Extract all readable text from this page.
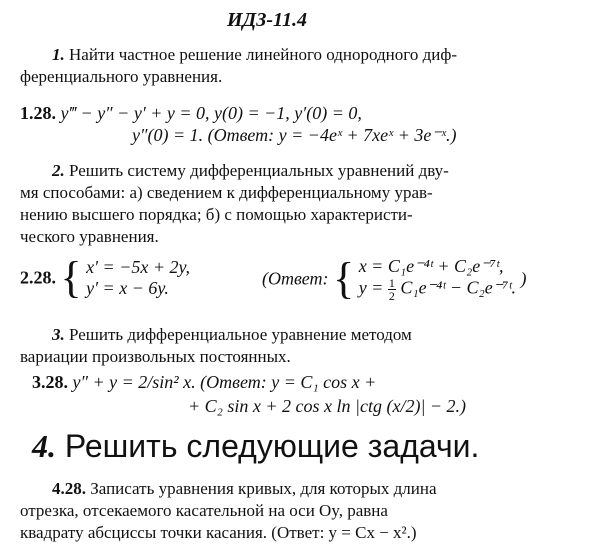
ИДЗ-11.4
1. Найти частное решение линейного однородного диф-
ференциального уравнения.
1.28. y‴ − y″ − y′ + y = 0, y(0) = −1, y′(0) = 0,
y″(0) = 1. (Ответ: y = −4eˣ + 7xeˣ + 3e⁻ˣ.)
2. Решить систему дифференциальных уравнений дву-
мя способами: а) сведением к дифференциальному урав-
нению высшего порядка; б) с помощью характеристи-
ческого уравнения.
2.28. { x′ = −5x + 2y,
y′ = x − 6y.	(Ответ: { x = C₁e⁻⁴ᵗ + C₂e⁻⁷ᵗ,
$y = \frac{1}{2}$ C₁e⁻⁴ᵗ − C₂e⁻⁷ᵗ. )
3. Решить дифференциальное уравнение методом
вариации произвольных постоянных.
3.28. y″ + y = 2/sin² x. (Ответ: y = C₁ cos x +
+ C₂ sin x + 2 cos x ln |ctg (x/2)| − 2.)
4. Решить следующие задачи.
4.28. Записать уравнения кривых, для которых длина
отрезка, отсекаемого касательной на оси Oy, равна
квадрату абсциссы точки касания. (Ответ: y = Cx − x².)
